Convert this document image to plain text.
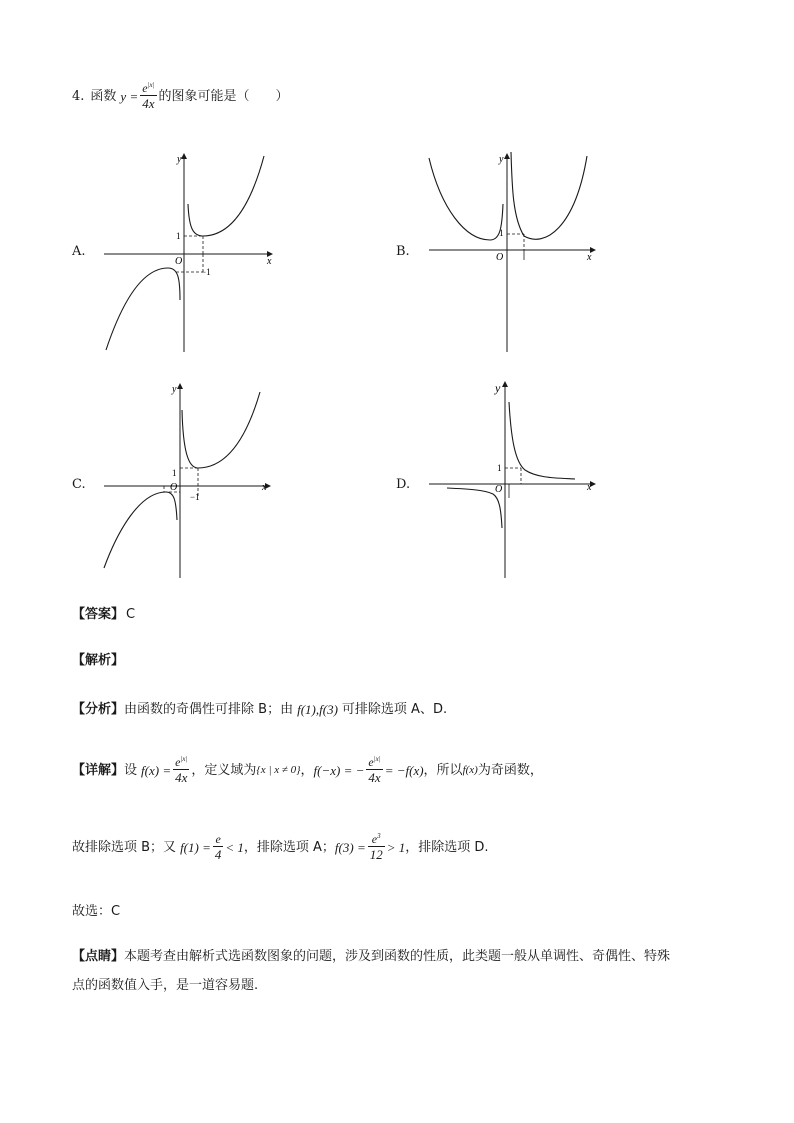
4. 函数 $y = \frac{e^{|x|}}{4x}$ 的图象可能是（　　）
A.
y
x
O
1
−1
B.
y
x
O
1
C.
y
x
O
1
−1
D.
y
x
O
1
【答案】 C
【解析】
【分析】 由函数的奇偶性可排除 B；由 f (1), f (3) 可排除选项 A、D.
【详解】 设 $f(x) = \frac{e^{|x|}}{4x}$ ，定义域为 {x | x ≠ 0} ， f(−x) = − $\frac{e^{|x|}}{4x} = -f(x)$ ，所以 f(x) 为奇函数，
故排除选项 B；又 $f(1) = \frac{e}{4} < 1$ ，排除选项 A； $f(3) = \frac{e^3}{12} > 1$ ，排除选项 D.
故选：C
【点睛】本题考查由解析式选函数图象的问题，涉及到函数的性质，此类题一般从单调性、奇偶性、特殊
点的函数值入手，是一道容易题.
